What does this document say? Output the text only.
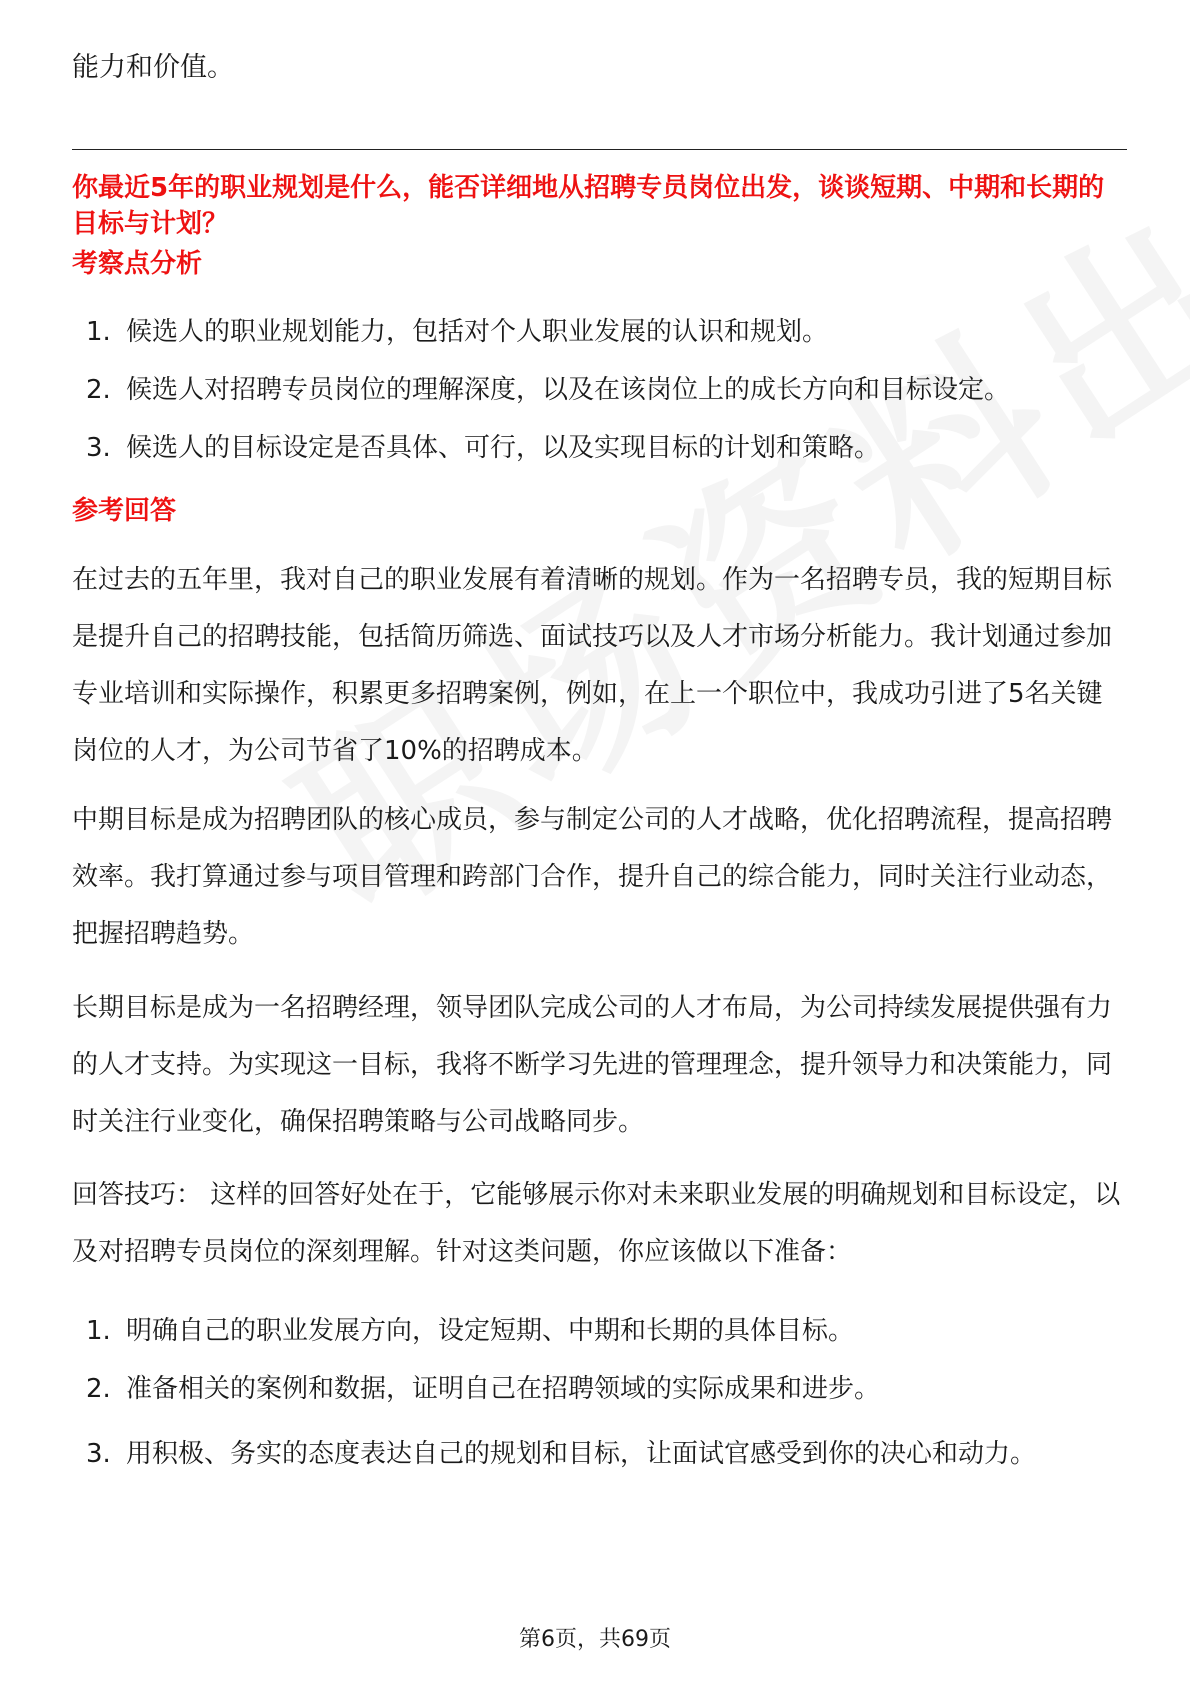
能力和价值。
你最近5年的职业规划是什么，能否详细地从招聘专员岗位出发，谈谈短期、中期和长期的目标与计划？
考察点分析
1. 候选人的职业规划能力，包括对个人职业发展的认识和规划。
2. 候选人对招聘专员岗位的理解深度，以及在该岗位上的成长方向和目标设定。
3. 候选人的目标设定是否具体、可行，以及实现目标的计划和策略。
参考回答
在过去的五年里，我对自己的职业发展有着清晰的规划。作为一名招聘专员，我的短期目标是提升自己的招聘技能，包括简历筛选、面试技巧以及人才市场分析能力。我计划通过参加专业培训和实际操作，积累更多招聘案例，例如，在上一个职位中，我成功引进了5名关键岗位的人才，为公司节省了10%的招聘成本。
中期目标是成为招聘团队的核心成员，参与制定公司的人才战略，优化招聘流程，提高招聘效率。我打算通过参与项目管理和跨部门合作，提升自己的综合能力，同时关注行业动态，把握招聘趋势。
长期目标是成为一名招聘经理，领导团队完成公司的人才布局，为公司持续发展提供强有力的人才支持。为实现这一目标，我将不断学习先进的管理理念，提升领导力和决策能力，同时关注行业变化，确保招聘策略与公司战略同步。
回答技巧： 这样的回答好处在于，它能够展示你对未来职业发展的明确规划和目标设定，以及对招聘专员岗位的深刻理解。针对这类问题，你应该做以下准备：
1. 明确自己的职业发展方向，设定短期、中期和长期的具体目标。
2. 准备相关的案例和数据，证明自己在招聘领域的实际成果和进步。
3. 用积极、务实的态度表达自己的规划和目标，让面试官感受到你的决心和动力。
第6页，共69页
